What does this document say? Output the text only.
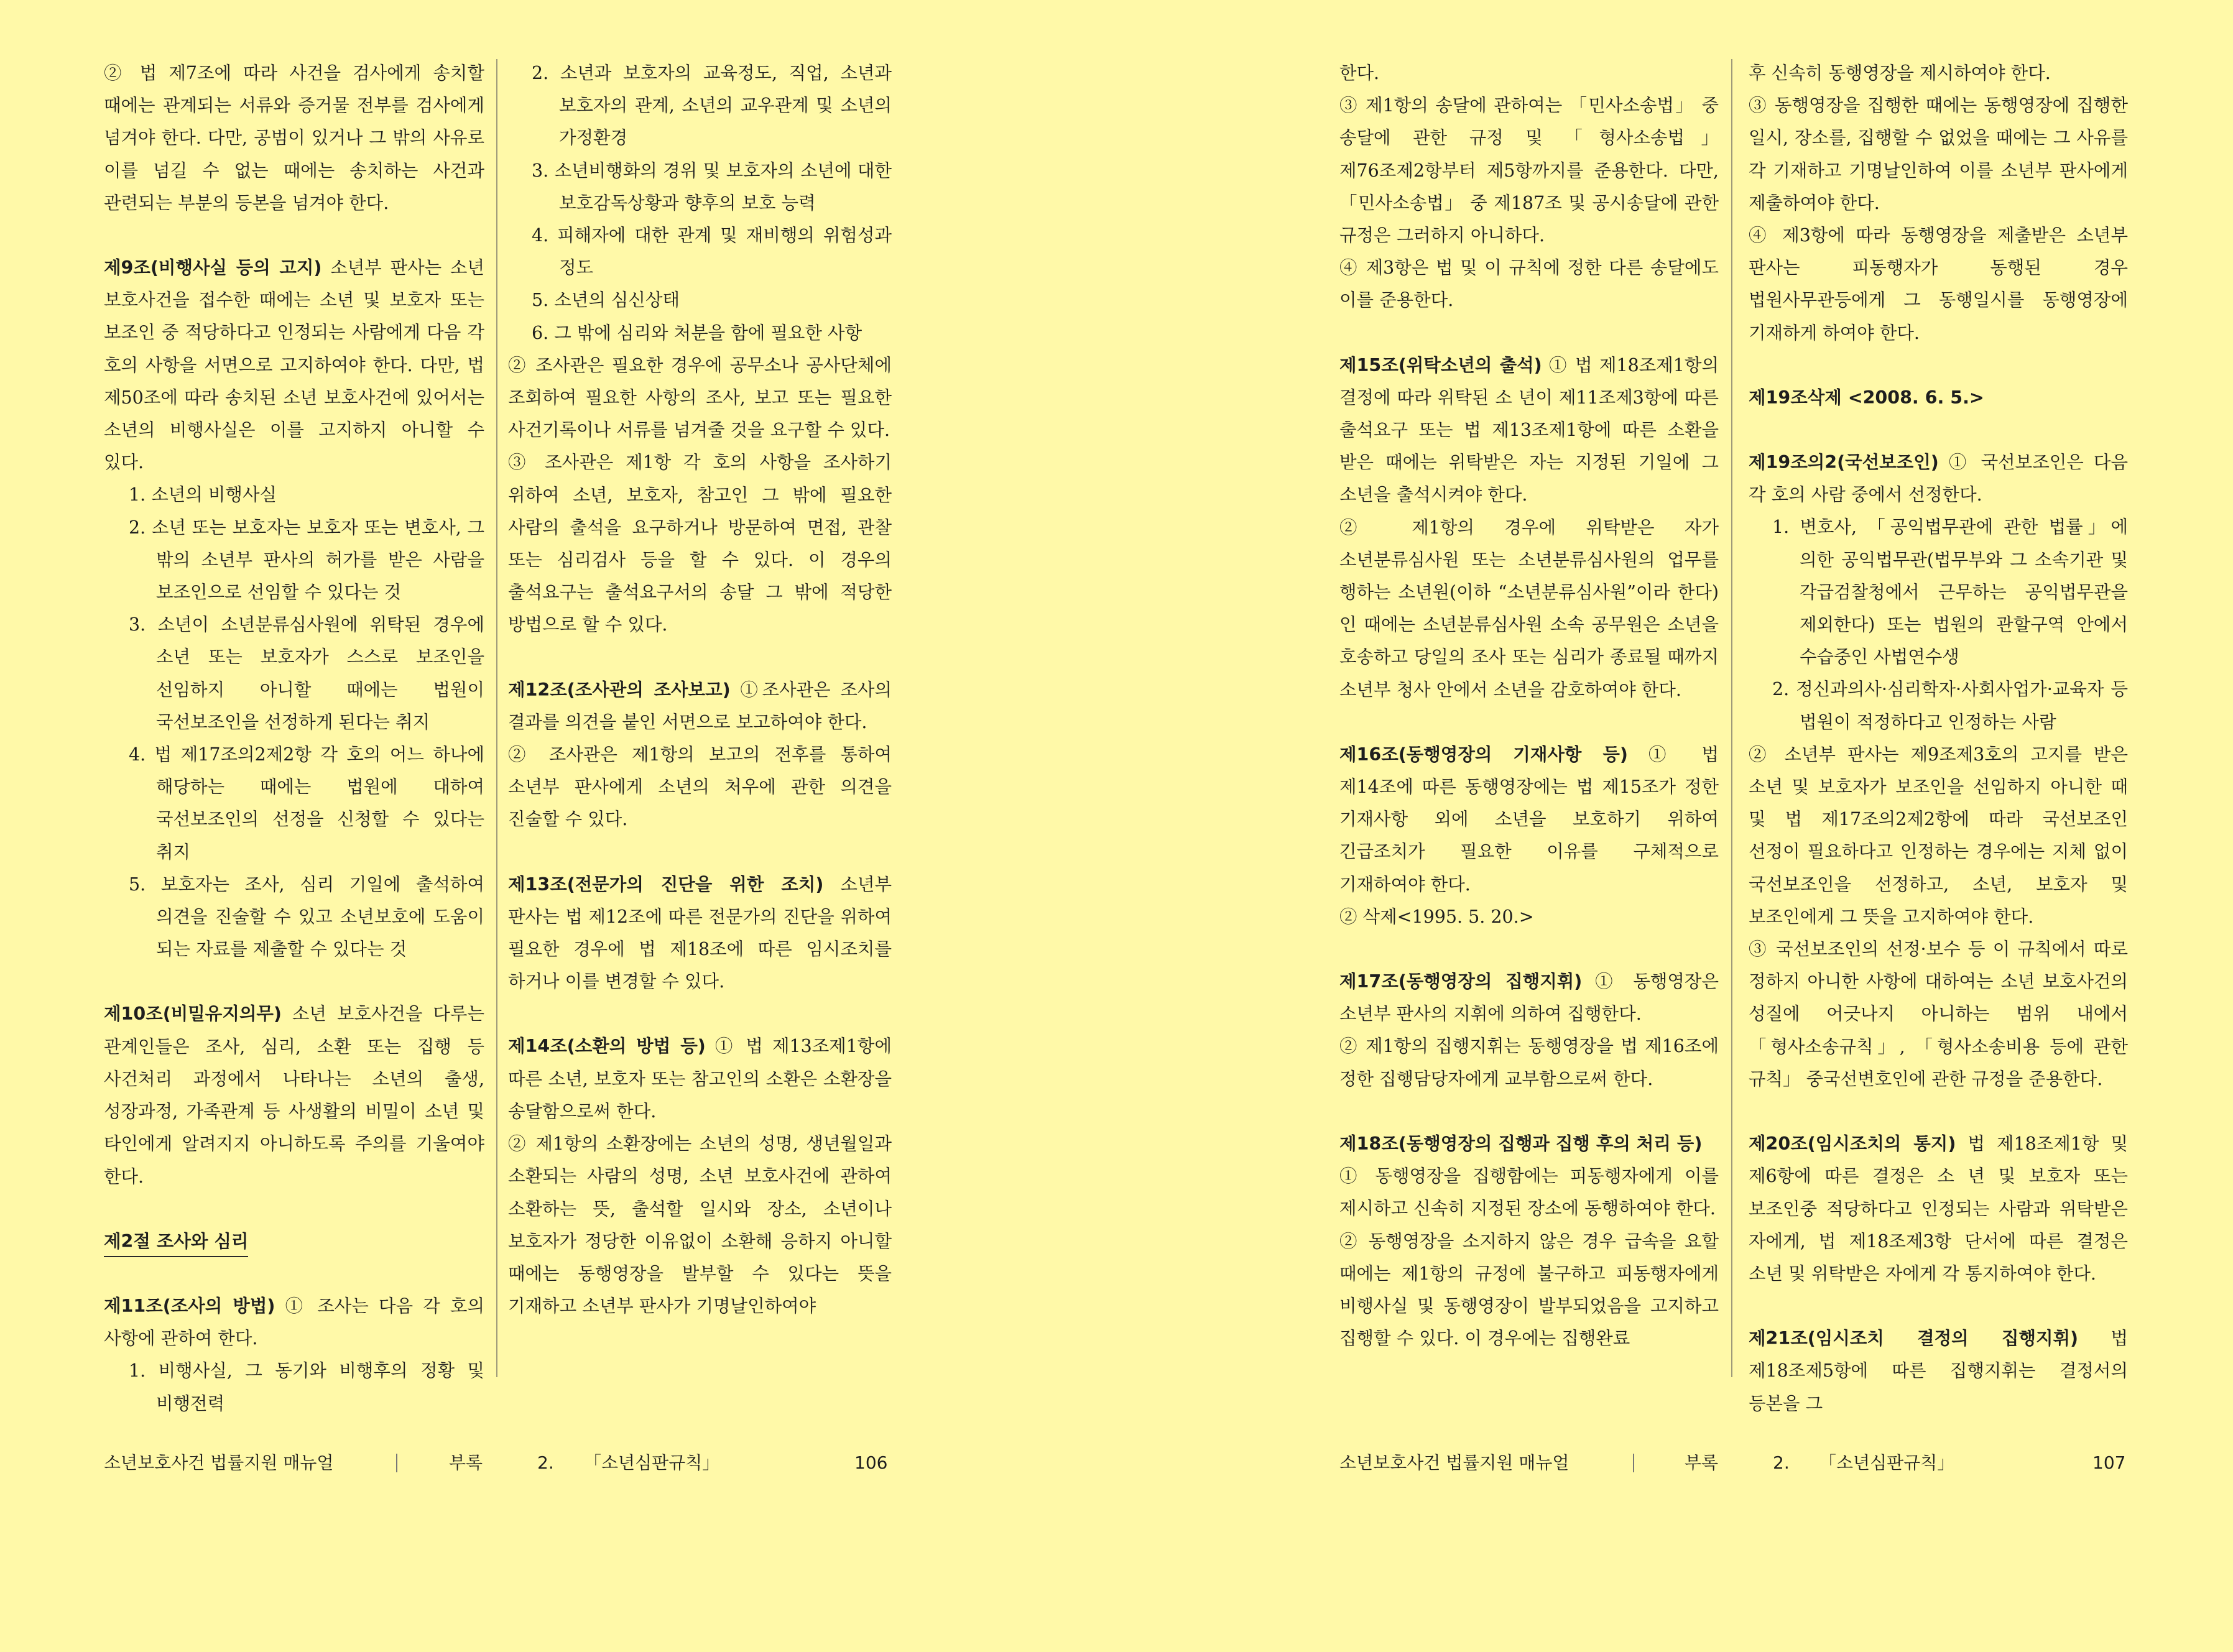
② 법 제7조에 따라 사건을 검사에게 송치할 때에는 관계되는 서류와 증거물 전부를 검사에게 넘겨야 한다. 다만, 공범이 있거나 그 밖의 사유로 이를 넘길 수 없는 때에는 송치하는 사건과 관련되는 부분의 등본을 넘겨야 한다.

제9조(비행사실 등의 고지) 소년부 판사는 소년 보호사건을 접수한 때에는 소년 및 보호자 또는 보조인 중 적당하다고 인정되는 사람에게 다음 각 호의 사항을 서면으로 고지하여야 한다. 다만, 법 제50조에 따라 송치된 소년 보호사건에 있어서는 소년의 비행사실은 이를 고지하지 아니할 수 있다.

1. 소년의 비행사실

2. 소년 또는 보호자는 보호자 또는 변호사, 그 밖의 소년부 판사의 허가를 받은 사람을 보조인으로 선임할 수 있다는 것

3. 소년이 소년분류심사원에 위탁된 경우에 소년 또는 보호자가 스스로 보조인을 선임하지 아니할 때에는 법원이 국선보조인을 선정하게 된다는 취지

4. 법 제17조의2제2항 각 호의 어느 하나에 해당하는 때에는 법원에 대하여 국선보조인의 선정을 신청할 수 있다는 취지

5. 보호자는 조사, 심리 기일에 출석하여 의견을 진술할 수 있고 소년보호에 도움이 되는 자료를 제출할 수 있다는 것

제10조(비밀유지의무) 소년 보호사건을 다루는 관계인들은 조사, 심리, 소환 또는 집행 등 사건처리 과정에서 나타나는 소년의 출생, 성장과정, 가족관계 등 사생활의 비밀이 소년 및 타인에게 알려지지 아니하도록 주의를 기울여야 한다.

제2절 조사와 심리

제11조(조사의 방법) ① 조사는 다음 각 호의 사항에 관하여 한다.

1. 비행사실, 그 동기와 비행후의 정황 및 비행전력

2. 소년과 보호자의 교육정도, 직업, 소년과 보호자의 관계, 소년의 교우관계 및 소년의 가정환경

3. 소년비행화의 경위 및 보호자의 소년에 대한 보호감독상황과 향후의 보호 능력

4. 피해자에 대한 관계 및 재비행의 위험성과 정도

5. 소년의 심신상태

6. 그 밖에 심리와 처분을 함에 필요한 사항

② 조사관은 필요한 경우에 공무소나 공사단체에 조회하여 필요한 사항의 조사, 보고 또는 필요한 사건기록이나 서류를 넘겨줄 것을 요구할 수 있다.

③ 조사관은 제1항 각 호의 사항을 조사하기 위하여 소년, 보호자, 참고인 그 밖에 필요한 사람의 출석을 요구하거나 방문하여 면접, 관찰 또는 심리검사 등을 할 수 있다. 이 경우의 출석요구는 출석요구서의 송달 그 밖에 적당한 방법으로 할 수 있다.

제12조(조사관의 조사보고) ①조사관은 조사의 결과를 의견을 붙인 서면으로 보고하여야 한다.

② 조사관은 제1항의 보고의 전후를 통하여 소년부 판사에게 소년의 처우에 관한 의견을 진술할 수 있다.

제13조(전문가의 진단을 위한 조치) 소년부 판사는 법 제12조에 따른 전문가의 진단을 위하여 필요한 경우에 법 제18조에 따른 임시조치를 하거나 이를 변경할 수 있다.

제14조(소환의 방법 등) ① 법 제13조제1항에 따른 소년, 보호자 또는 참고인의 소환은 소환장을 송달함으로써 한다.

② 제1항의 소환장에는 소년의 성명, 생년월일과 소환되는 사람의 성명, 소년 보호사건에 관하여 소환하는 뜻, 출석할 일시와 장소, 소년이나 보호자가 정당한 이유없이 소환해 응하지 아니할 때에는 동행영장을 발부할 수 있다는 뜻을 기재하고 소년부 판사가 기명날인하여야

소년보호사건 법률지원 매뉴얼	부록	2. 「소년심판규칙」	106

한다.

③ 제1항의 송달에 관하여는 「민사소송법」 중 송달에 관한 규정 및 「형사소송법」 제76조제2항부터 제5항까지를 준용한다. 다만, 「민사소송법」 중 제187조 및 공시송달에 관한 규정은 그러하지 아니하다.

④ 제3항은 법 및 이 규칙에 정한 다른 송달에도 이를 준용한다.

제15조(위탁소년의 출석) ① 법 제18조제1항의 결정에 따라 위탁된 소 년이 제11조제3항에 따른 출석요구 또는 법 제13조제1항에 따른 소환을 받은 때에는 위탁받은 자는 지정된 기일에 그 소년을 출석시켜야 한다.

② 제1항의 경우에 위탁받은 자가 소년분류심사원 또는 소년분류심사원의 업무를 행하는 소년원(이하 “소년분류심사원”이라 한다)인 때에는 소년분류심사원 소속 공무원은 소년을 호송하고 당일의 조사 또는 심리가 종료될 때까지 소년부 청사 안에서 소년을 감호하여야 한다.

제16조(동행영장의 기재사항 등) ① 법 제14조에 따른 동행영장에는 법 제15조가 정한 기재사항 외에 소년을 보호하기 위하여 긴급조치가 필요한 이유를 구체적으로 기재하여야 한다.

② 삭제<1995. 5. 20.>

제17조(동행영장의 집행지휘) ① 동행영장은 소년부 판사의 지휘에 의하여 집행한다.

② 제1항의 집행지휘는 동행영장을 법 제16조에 정한 집행담당자에게 교부함으로써 한다.

제18조(동행영장의 집행과 집행 후의 처리 등)

① 동행영장을 집행함에는 피동행자에게 이를 제시하고 신속히 지정된 장소에 동행하여야 한다.

② 동행영장을 소지하지 않은 경우 급속을 요할 때에는 제1항의 규정에 불구하고 피동행자에게 비행사실 및 동행영장이 발부되었음을 고지하고 집행할 수 있다. 이 경우에는 집행완료

후 신속히 동행영장을 제시하여야 한다.

③ 동행영장을 집행한 때에는 동행영장에 집행한 일시, 장소를, 집행할 수 없었을 때에는 그 사유를 각 기재하고 기명날인하여 이를 소년부 판사에게 제출하여야 한다.

④ 제3항에 따라 동행영장을 제출받은 소년부 판사는 피동행자가 동행된 경우 법원사무관등에게 그 동행일시를 동행영장에 기재하게 하여야 한다.

제19조삭제 <2008. 6. 5.>

제19조의2(국선보조인) ① 국선보조인은 다음 각 호의 사람 중에서 선정한다.

1. 변호사, 「공익법무관에 관한 법률」에 의한 공익법무관(법무부와 그 소속기관 및 각급검찰청에서 근무하는 공익법무관을 제외한다) 또는 법원의 관할구역 안에서 수습중인 사법연수생

2. 정신과의사·심리학자·사회사업가·교육자 등 법원이 적정하다고 인정하는 사람

② 소년부 판사는 제9조제3호의 고지를 받은 소년 및 보호자가 보조인을 선임하지 아니한 때 및 법 제17조의2제2항에 따라 국선보조인 선정이 필요하다고 인정하는 경우에는 지체 없이 국선보조인을 선정하고, 소년, 보호자 및 보조인에게 그 뜻을 고지하여야 한다.

③ 국선보조인의 선정·보수 등 이 규칙에서 따로 정하지 아니한 사항에 대하여는 소년 보호사건의 성질에 어긋나지 아니하는 범위 내에서 「형사소송규칙」, 「형사소송비용 등에 관한 규칙」 중국선변호인에 관한 규정을 준용한다.

제20조(임시조치의 통지) 법 제18조제1항 및 제6항에 따른 결정은 소 년 및 보호자 또는 보조인중 적당하다고 인정되는 사람과 위탁받은 자에게, 법 제18조제3항 단서에 따른 결정은 소년 및 위탁받은 자에게 각 통지하여야 한다.

제21조(임시조치 결정의 집행지휘) 법 제18조제5항에 따른 집행지휘는 결정서의 등본을 그

소년보호사건 법률지원 매뉴얼	부록	2. 「소년심판규칙」	107
